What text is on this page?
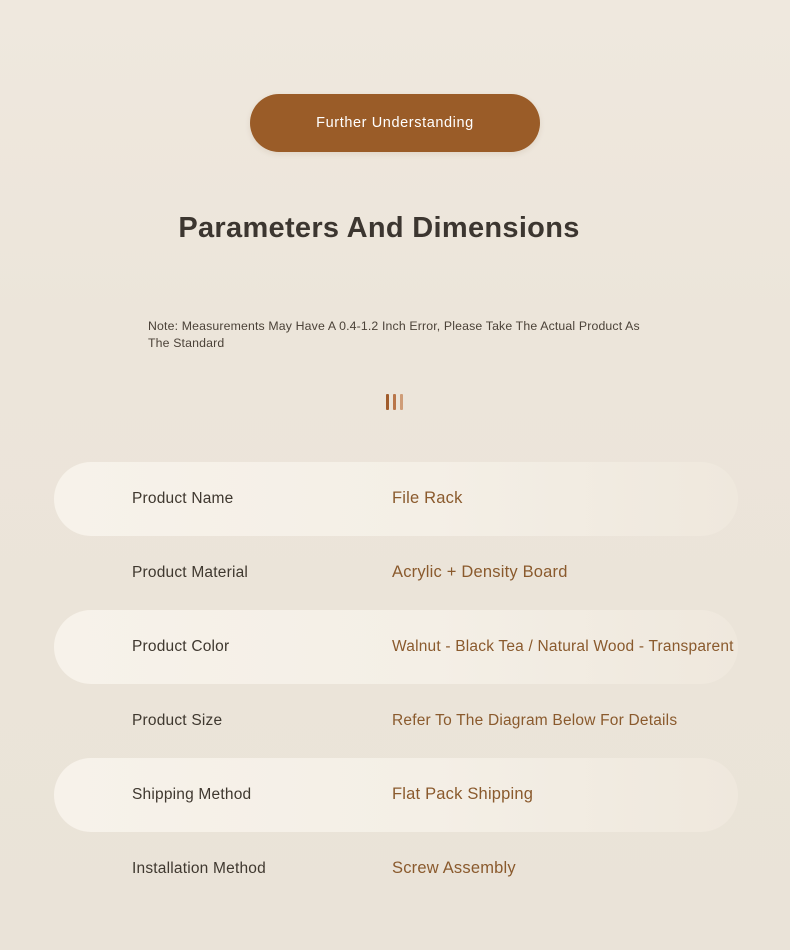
Further Understanding
Parameters And Dimensions
Note: Measurements May Have A 0.4-1.2 Inch Error, Please Take The Actual Product As The Standard
Product Name	File Rack
Product Material	Acrylic + Density Board
Product Color	Walnut - Black Tea / Natural Wood - Transparent
Product Size	Refer To The Diagram Below For Details
Shipping Method	Flat Pack Shipping
Installation Method	Screw Assembly
